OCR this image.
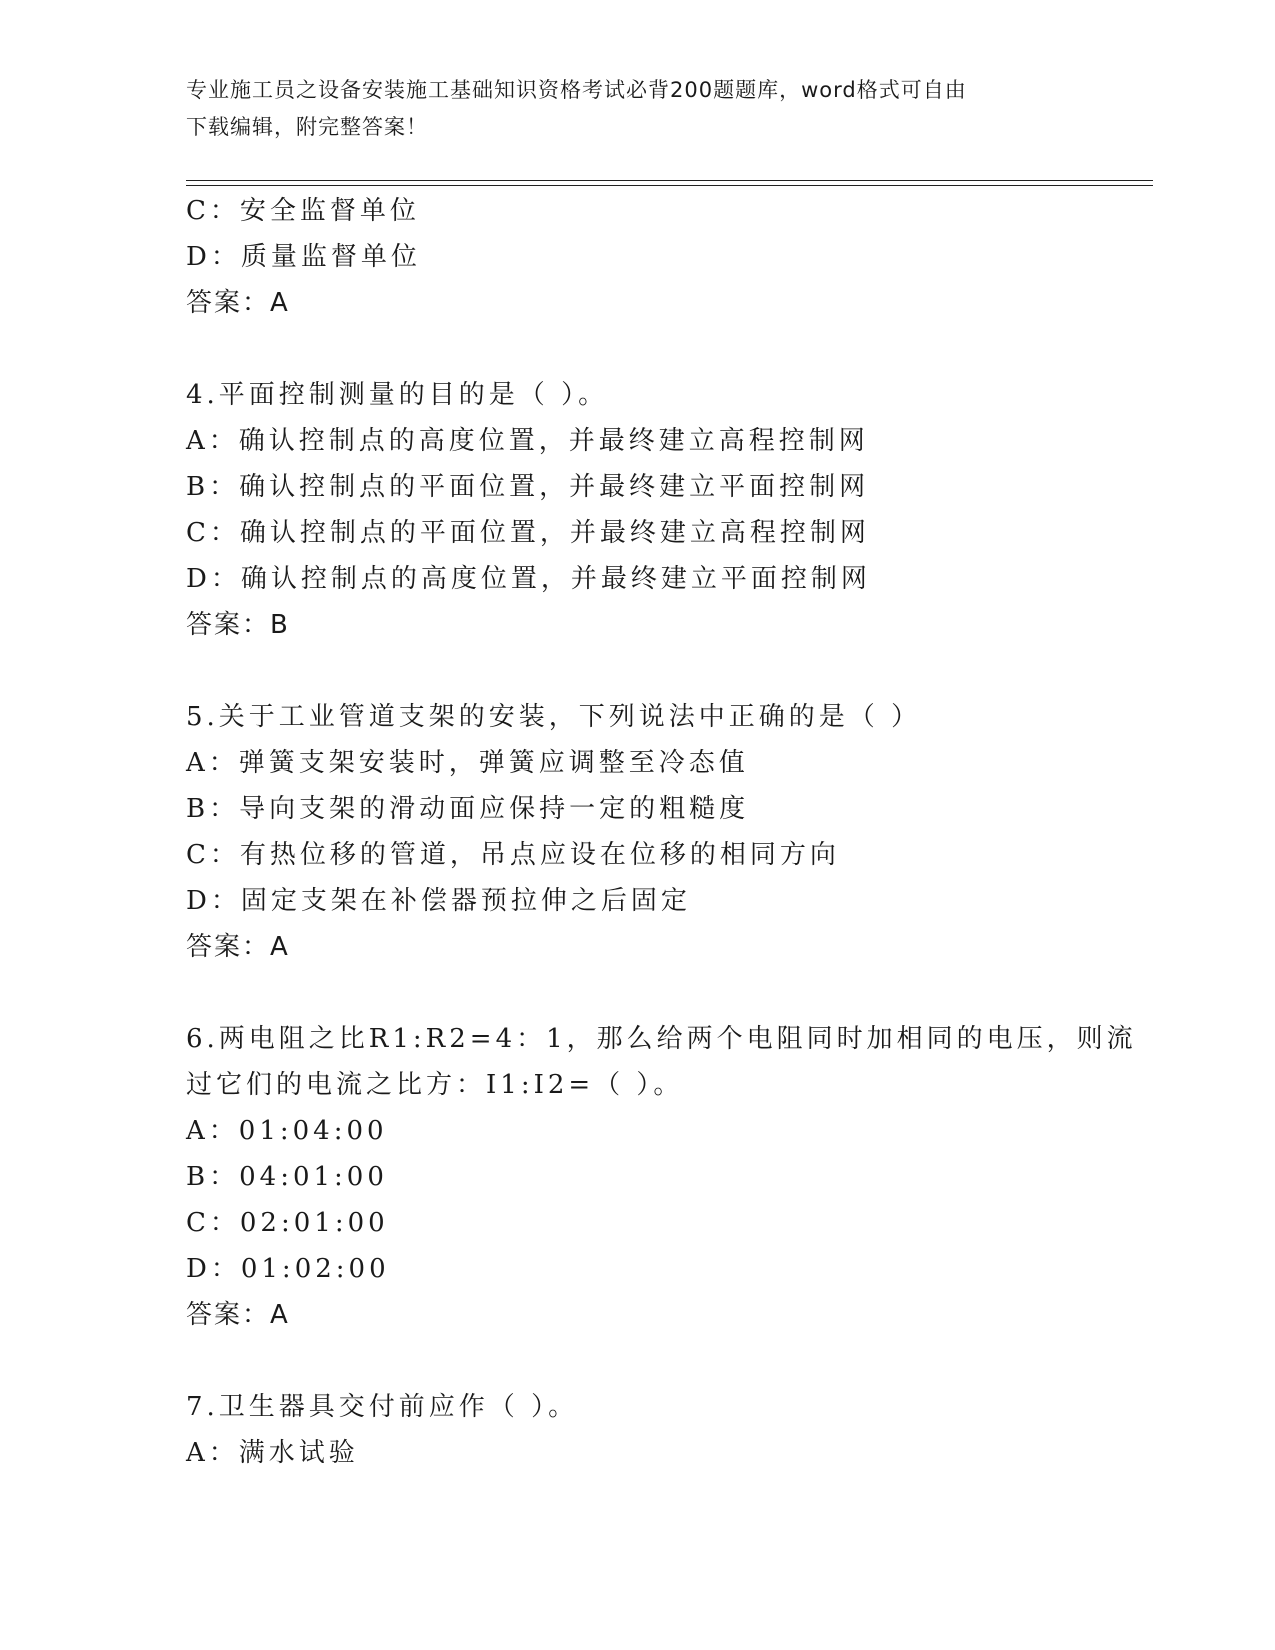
专业施工员之设备安装施工基础知识资格考试必背200题题库，word格式可自由
下载编辑，附完整答案！
C：安全监督单位
D：质量监督单位
答案：A
4.平面控制测量的目的是（ ）。
A：确认控制点的高度位置，并最终建立高程控制网
B：确认控制点的平面位置，并最终建立平面控制网
C：确认控制点的平面位置，并最终建立高程控制网
D：确认控制点的高度位置，并最终建立平面控制网
答案：B
5.关于工业管道支架的安装，下列说法中正确的是（ ）
A：弹簧支架安装时，弹簧应调整至冷态值
B：导向支架的滑动面应保持一定的粗糙度
C：有热位移的管道，吊点应设在位移的相同方向
D：固定支架在补偿器预拉伸之后固定
答案：A
6.两电阻之比R1:R2=4：1，那么给两个电阻同时加相同的电压，则流
过它们的电流之比方：I1:I2=（ ）。
A：01:04:00
B：04:01:00
C：02:01:00
D：01:02:00
答案：A
7.卫生器具交付前应作（ ）。
A：满水试验
